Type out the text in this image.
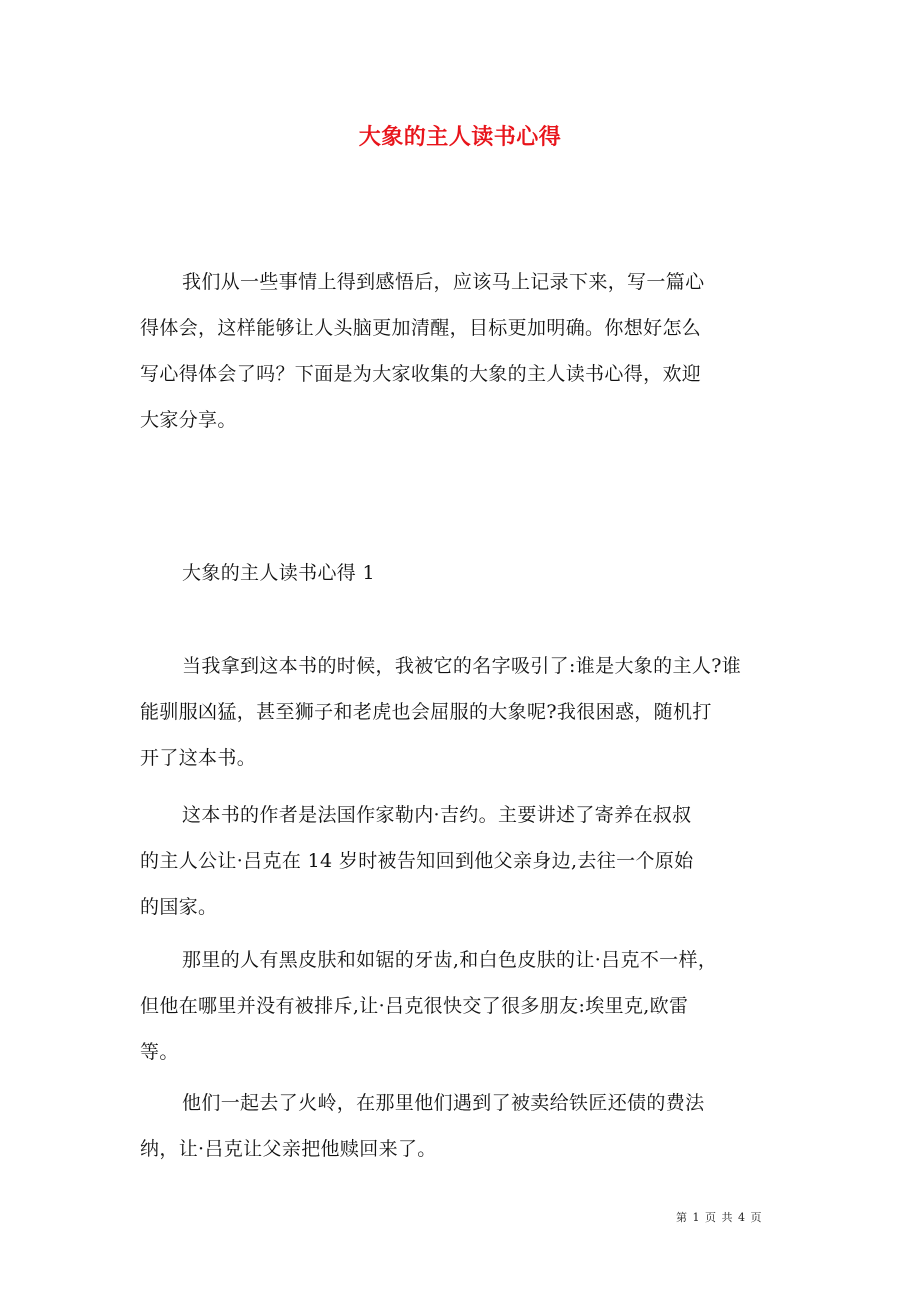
大象的主人读书心得
我们从一些事情上得到感悟后，应该马上记录下来，写一篇心
得体会，这样能够让人头脑更加清醒，目标更加明确。你想好怎么
写心得体会了吗？下面是为大家收集的大象的主人读书心得，欢迎
大家分享。
大象的主人读书心得 1
当我拿到这本书的时候，我被它的名字吸引了:谁是大象的主人?谁
能驯服凶猛，甚至狮子和老虎也会屈服的大象呢?我很困惑，随机打
开了这本书。
这本书的作者是法国作家勒内·吉约。主要讲述了寄养在叔叔
的主人公让·吕克在 14 岁时被告知回到他父亲身边,去往一个原始
的国家。
那里的人有黑皮肤和如锯的牙齿,和白色皮肤的让·吕克不一样，
但他在哪里并没有被排斥,让·吕克很快交了很多朋友:埃里克,欧雷
等。
他们一起去了火岭，在那里他们遇到了被卖给铁匠还债的费法
纳，让·吕克让父亲把他赎回来了。
第 1 页 共 4 页
